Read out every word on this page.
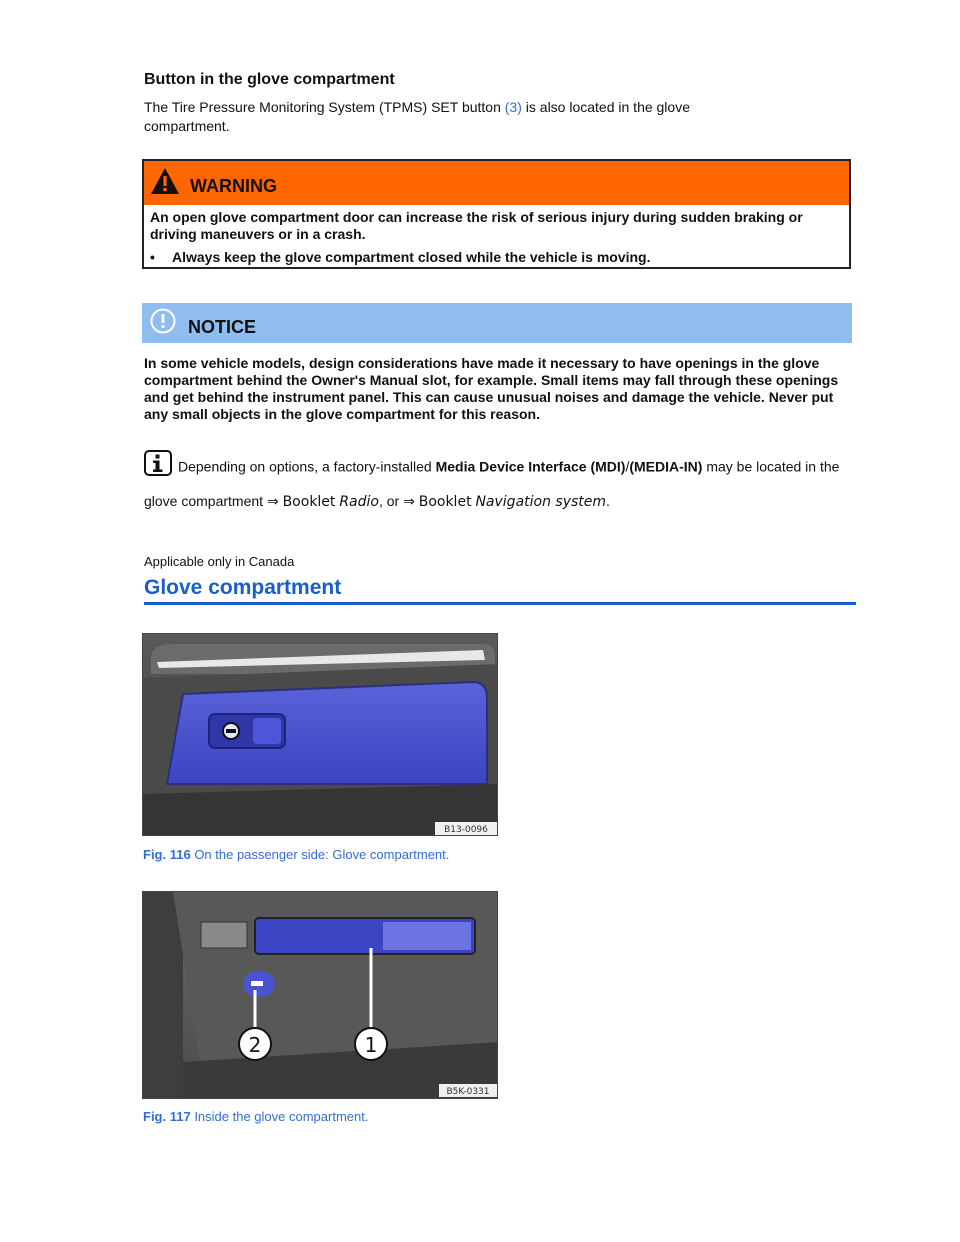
Button in the glove compartment
The Tire Pressure Monitoring System (TPMS) SET button (3) is also located in the glove
compartment.
WARNING
An open glove compartment door can increase the risk of serious injury during sudden braking or driving maneuvers or in a crash.
•	Always keep the glove compartment closed while the vehicle is moving.
NOTICE
In some vehicle models, design considerations have made it necessary to have openings in the glove compartment behind the Owner's Manual slot, for example. Small items may fall through these openings and get behind the instrument panel. This can cause unusual noises and damage the vehicle. Never put any small objects in the glove compartment for this reason.
Depending on options, a factory-installed Media Device Interface (MDI)/(MEDIA-IN) may be located in the glove compartment ⇒ Booklet Radio, or ⇒ Booklet Navigation system.
Applicable only in Canada
Glove compartment
B13-0096
Fig. 116 On the passenger side: Glove compartment.
2	1
B5K-0331
Fig. 117 Inside the glove compartment.
